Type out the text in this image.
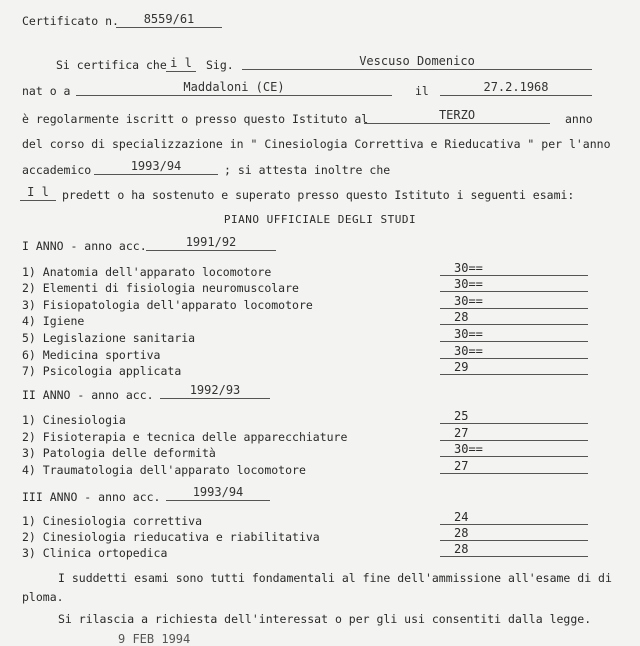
Certificato n.	8559/61
Si certifica che i l	Sig.	Vescuso Domenico
nat o a	Maddaloni (CE)	il	27.2.1968
è regolarmente iscritt o presso questo Istituto al	TERZO	anno
del corso di specializzazione in " Cinesiologia Correttiva e Rieducativa " per l'anno
accademico	1993/94	; si attesta inoltre che
I l	predett o ha sostenuto e superato presso questo Istituto i seguenti esami:
PIANO UFFICIALE DEGLI STUDI
I ANNO - anno acc.	1991/92
1) Anatomia dell'apparato locomotore	30==
2) Elementi di fisiologia neuromuscolare	30==
3) Fisiopatologia dell'apparato locomotore	30==
4) Igiene	28
5) Legislazione sanitaria	30==
6) Medicina sportiva	30==
7) Psicologia applicata	29
II ANNO - anno acc.	1992/93
1) Cinesiologia	25
2) Fisioterapia e tecnica delle apparecchiature	27
3) Patologia delle deformità	30==
4) Traumatologia dell'apparato locomotore	27
III ANNO - anno acc.	1993/94
1) Cinesiologia correttiva	24
2) Cinesiologia rieducativa e riabilitativa	28
3) Clinica ortopedica	28
I suddetti esami sono tutti fondamentali al fine dell'ammissione all'esame di di
ploma.
Si rilascia a richiesta dell'interessat o per gli usi consentiti dalla legge.
9 FEB 1994
